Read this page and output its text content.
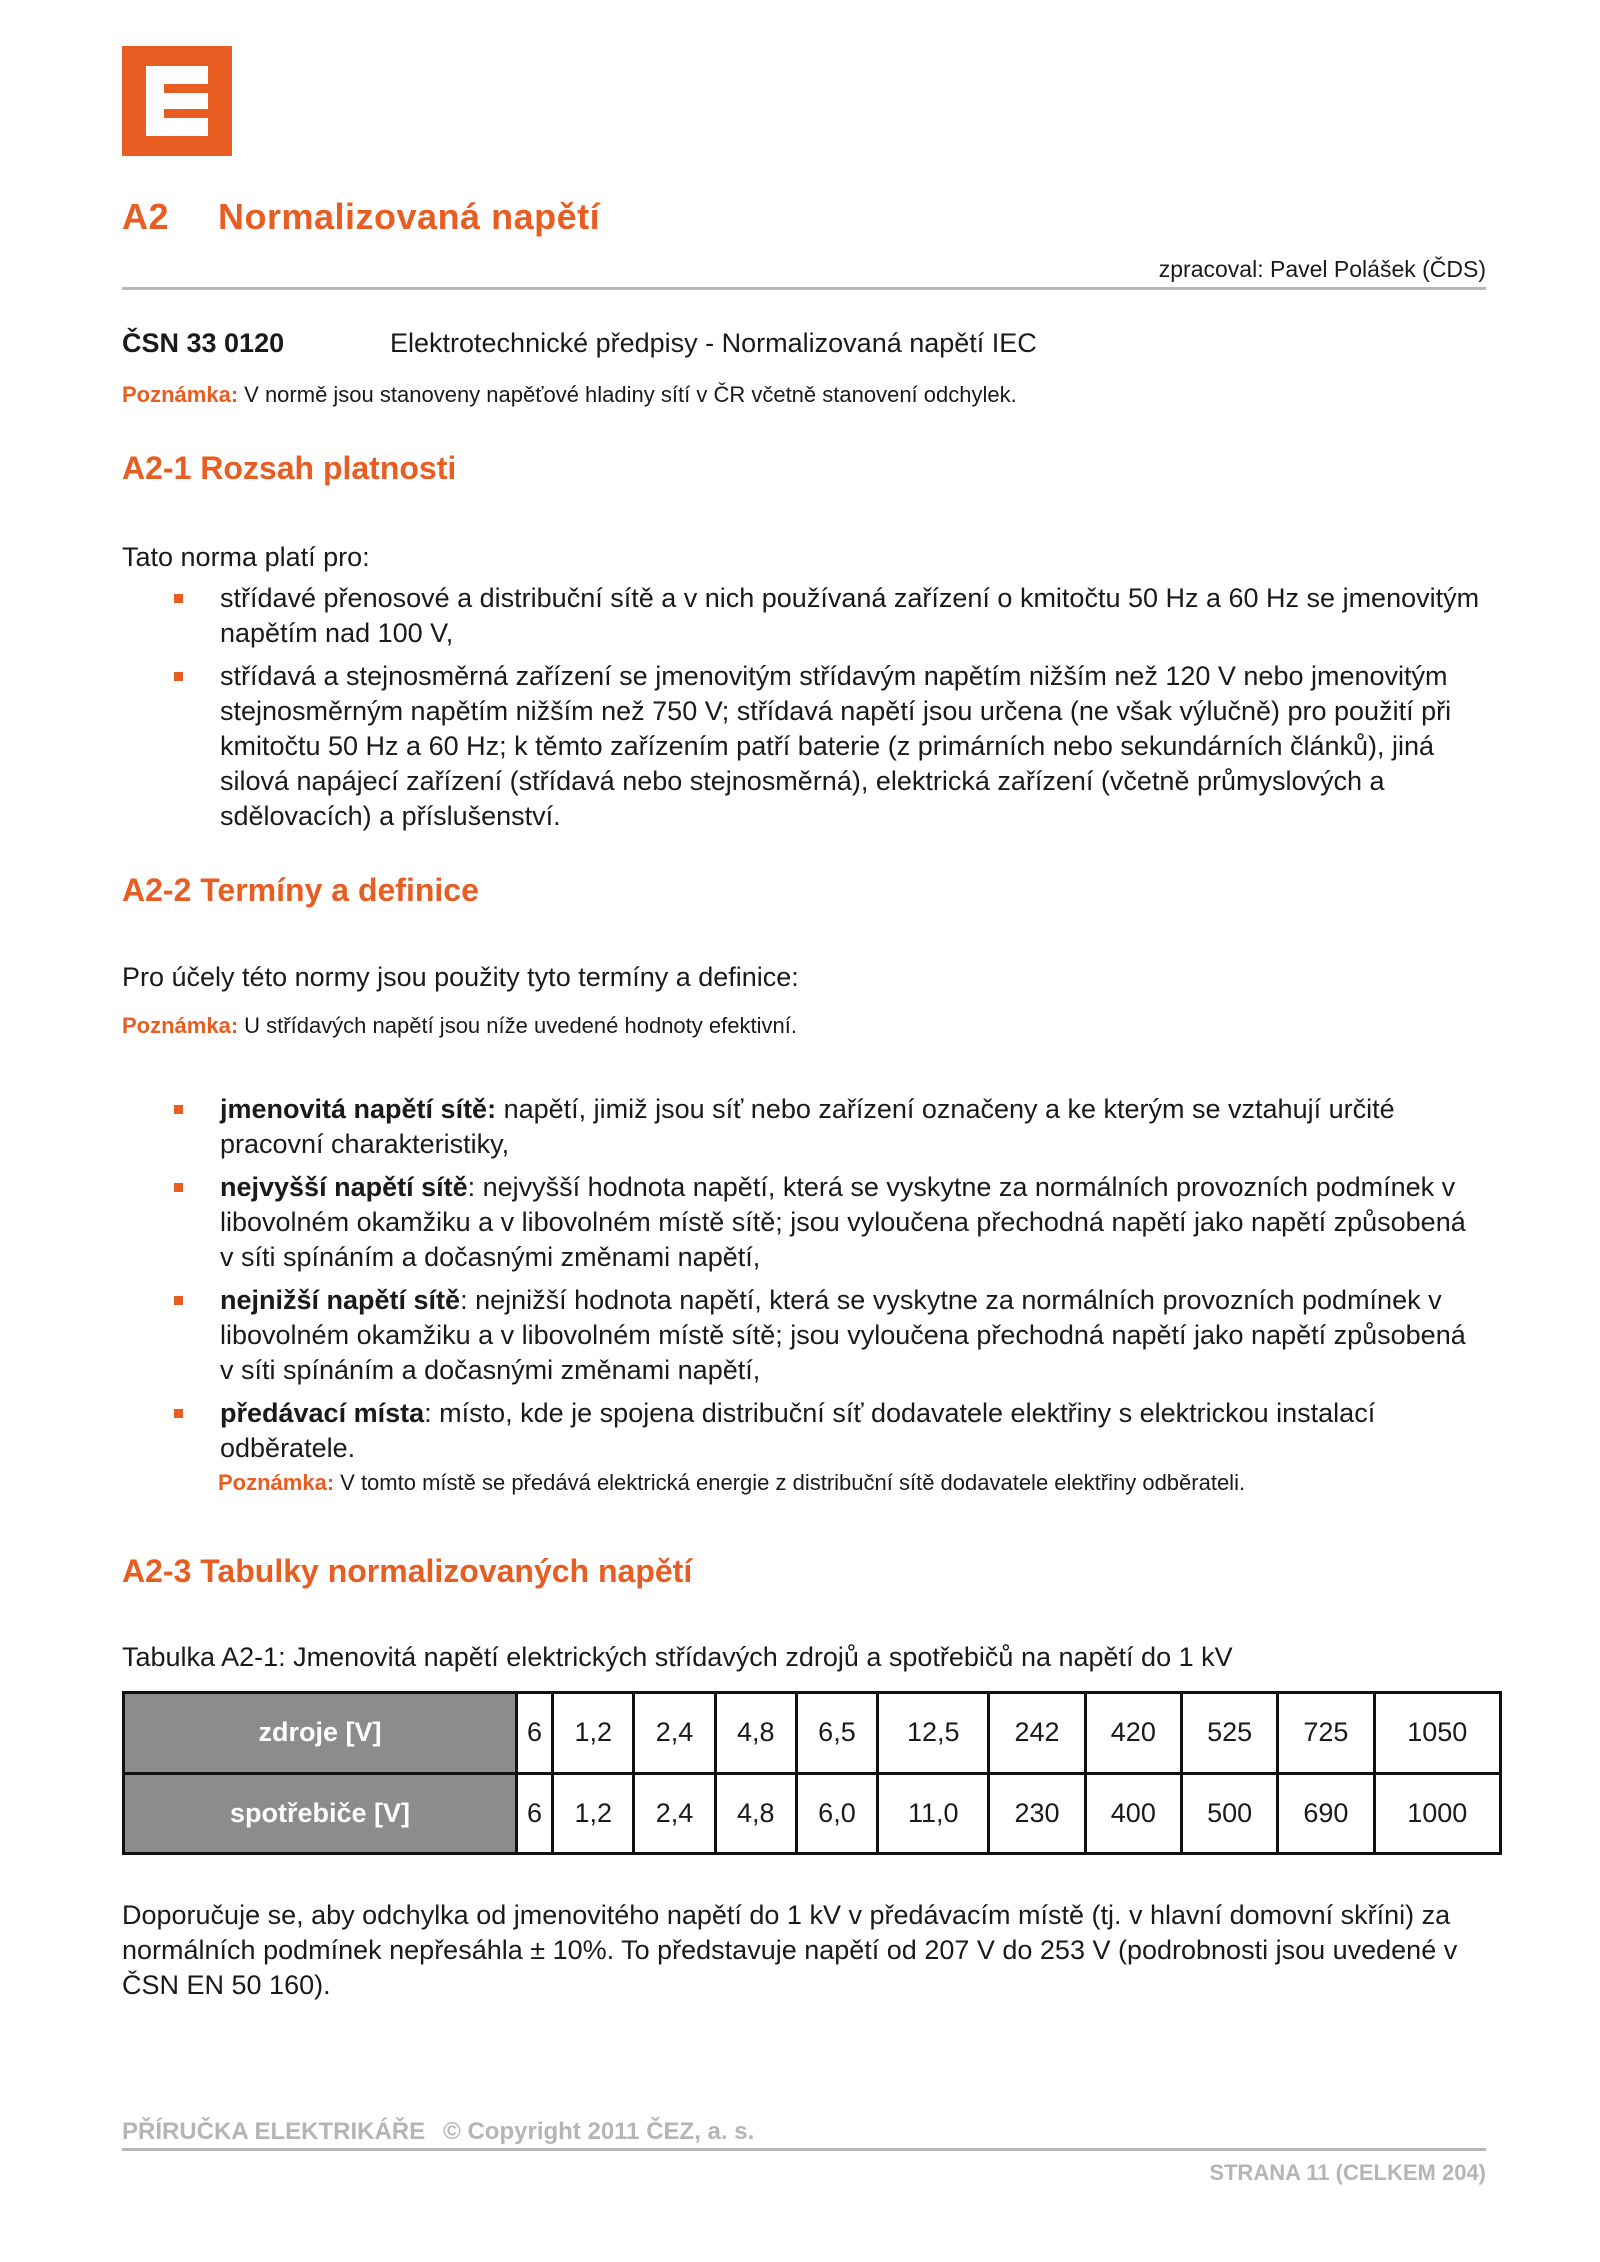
A2 Normalizovaná napětí
zpracoval: Pavel Polášek (ČDS)
ČSN 33 0120	Elektrotechnické předpisy - Normalizovaná napětí IEC
Poznámka: V normě jsou stanoveny napěťové hladiny sítí v ČR včetně stanovení odchylek.
A2-1 Rozsah platnosti
Tato norma platí pro:
střídavé přenosové a distribuční sítě a v nich používaná zařízení o kmitočtu 50 Hz a 60 Hz se jmenovitým napětím nad 100 V,
střídavá a stejnosměrná zařízení se jmenovitým střídavým napětím nižším než 120 V nebo jmenovitým stejnosměrným napětím nižším než 750 V; střídavá napětí jsou určena (ne však výlučně) pro použití při kmitočtu 50 Hz a 60 Hz; k těmto zařízením patří baterie (z primárních nebo sekundárních článků), jiná silová napájecí zařízení (střídavá nebo stejnosměrná), elektrická zařízení (včetně průmyslových a sdělovacích) a příslušenství.
A2-2 Termíny a definice
Pro účely této normy jsou použity tyto termíny a definice:
Poznámka: U střídavých napětí jsou níže uvedené hodnoty efektivní.
jmenovitá napětí sítě: napětí, jimiž jsou síť nebo zařízení označeny a ke kterým se vztahují určité pracovní charakteristiky,
nejvyšší napětí sítě: nejvyšší hodnota napětí, která se vyskytne za normálních provozních podmínek v libovolném okamžiku a v libovolném místě sítě; jsou vyloučena přechodná napětí jako napětí způsobená v síti spínáním a dočasnými změnami napětí,
nejnižší napětí sítě: nejnižší hodnota napětí, která se vyskytne za normálních provozních podmínek v libovolném okamžiku a v libovolném místě sítě; jsou vyloučena přechodná napětí jako napětí způsobená v síti spínáním a dočasnými změnami napětí,
předávací místa: místo, kde je spojena distribuční síť dodavatele elektřiny s elektrickou instalací odběratele.
Poznámka: V tomto místě se předává elektrická energie z distribuční sítě dodavatele elektřiny odběrateli.
A2-3 Tabulky normalizovaných napětí
Tabulka A2-1: Jmenovitá napětí elektrických střídavých zdrojů a spotřebičů na napětí do 1 kV
zdroje [V]	6	1,2	2,4	4,8	6,5	12,5	242	420	525	725	1050
spotřebiče [V]	6	1,2	2,4	4,8	6,0	11,0	230	400	500	690	1000
Doporučuje se, aby odchylka od jmenovitého napětí do 1 kV v předávacím místě (tj. v hlavní domovní skříni) za normálních podmínek nepřesáhla ± 10%. To představuje napětí od 207 V do 253 V (podrobnosti jsou uvedené v ČSN EN 50 160).
PŘÍRUČKA ELEKTRIKÁŘE © Copyright 2011 ČEZ, a. s.
STRANA 11 (CELKEM 204)
